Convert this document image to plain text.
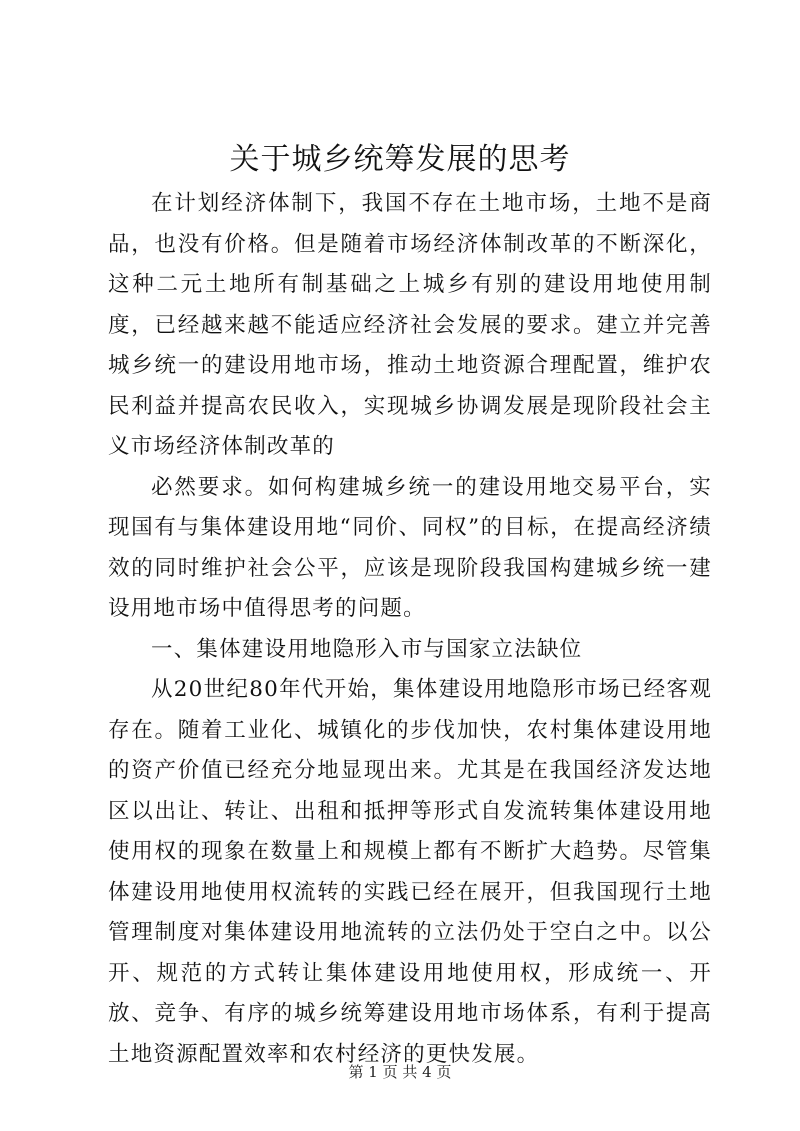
关于城乡统筹发展的思考

在计划经济体制下，我国不存在土地市场，土地不是商品，也没有价格。但是随着市场经济体制改革的不断深化，这种二元土地所有制基础之上城乡有别的建设用地使用制度，已经越来越不能适应经济社会发展的要求。建立并完善城乡统一的建设用地市场，推动土地资源合理配置，维护农民利益并提高农民收入，实现城乡协调发展是现阶段社会主义市场经济体制改革的

必然要求。如何构建城乡统一的建设用地交易平台，实现国有与集体建设用地“同价、同权”的目标，在提高经济绩效的同时维护社会公平，应该是现阶段我国构建城乡统一建设用地市场中值得思考的问题。

一、集体建设用地隐形入市与国家立法缺位

从20世纪80年代开始，集体建设用地隐形市场已经客观存在。随着工业化、城镇化的步伐加快，农村集体建设用地的资产价值已经充分地显现出来。尤其是在我国经济发达地区以出让、转让、出租和抵押等形式自发流转集体建设用地使用权的现象在数量上和规模上都有不断扩大趋势。尽管集体建设用地使用权流转的实践已经在展开，但我国现行土地管理制度对集体建设用地流转的立法仍处于空白之中。以公开、规范的方式转让集体建设用地使用权，形成统一、开放、竞争、有序的城乡统筹建设用地市场体系，有利于提高土地资源配置效率和农村经济的更快发展。

第 1 页 共 4 页
